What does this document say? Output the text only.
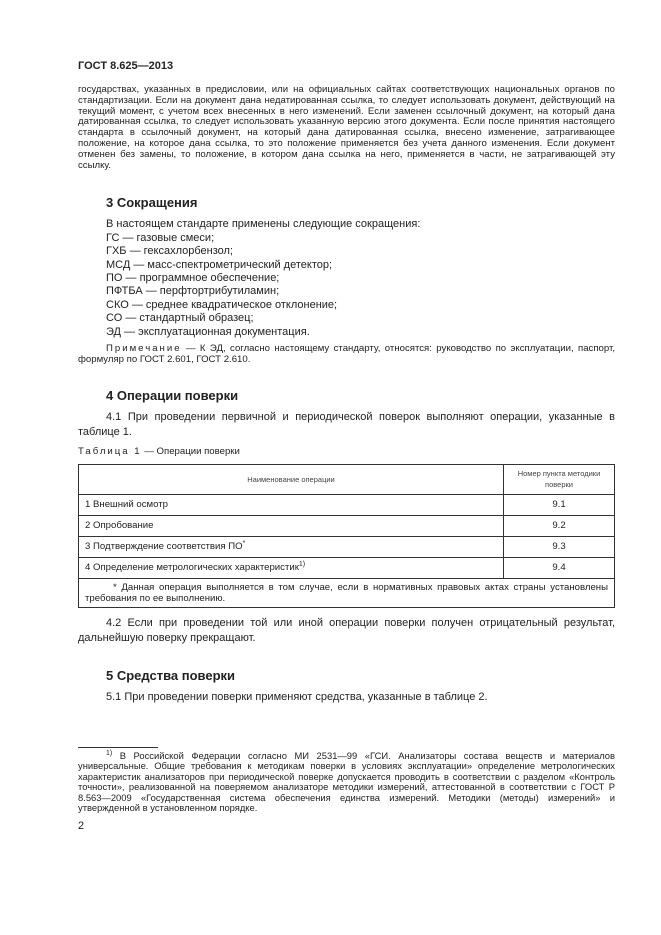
ГОСТ 8.625—2013
государствах, указанных в предисловии, или на официальных сайтах соответствующих национальных органов по стандартизации. Если на документ дана недатированная ссылка, то следует использовать документ, действующий на текущий момент, с учетом всех внесенных в него изменений. Если заменен ссылочный документ, на который дана датированная ссылка, то следует использовать указанную версию этого документа. Если после принятия настоящего стандарта в ссылочный документ, на который дана датированная ссылка, внесено изменение, затрагивающее положение, на которое дана ссылка, то это положение применяется без учета данного изменения. Если документ отменен без замены, то положение, в котором дана ссылка на него, применяется в части, не затрагивающей эту ссылку.
3 Сокращения
В настоящем стандарте применены следующие сокращения:
ГС — газовые смеси;
ГХБ — гексахлорбензол;
МСД — масс-спектрометрический детектор;
ПО — программное обеспечение;
ПФТБА — перфтортрибутиламин;
СКО — среднее квадратическое отклонение;
СО — стандартный образец;
ЭД — эксплуатационная документация.
Примечание — К ЭД, согласно настоящему стандарту, относятся: руководство по эксплуатации, паспорт, формуляр по ГОСТ 2.601, ГОСТ 2.610.
4 Операции поверки
4.1 При проведении первичной и периодической поверок выполняют операции, указанные в таблице 1.
Таблица 1 — Операции поверки
Наименование операции	Номер пункта методики поверки
1 Внешний осмотр	9.1
2 Опробование	9.2
3 Подтверждение соответствия ПО*	9.3
4 Определение метрологических характеристик$^{1)}$	9.4
* Данная операция выполняется в том случае, если в нормативных правовых актах страны установлены требования по ее выполнению.	
4.2 Если при проведении той или иной операции поверки получен отрицательный результат, дальнейшую поверку прекращают.
5 Средства поверки
5.1 При проведении поверки применяют средства, указанные в таблице 2.
$^{1)}$ В Российской Федерации согласно МИ 2531—99 «ГСИ. Анализаторы состава веществ и материалов универсальные. Общие требования к методикам поверки в условиях эксплуатации» определение метрологических характеристик анализаторов при периодической поверке допускается проводить в соответствии с разделом «Контроль точности», реализованной на поверяемом анализаторе методики измерений, аттестованной в соответствии с ГОСТ Р 8.563—2009 «Государственная система обеспечения единства измерений. Методики (методы) измерений» и утвержденной в установленном порядке.
2
